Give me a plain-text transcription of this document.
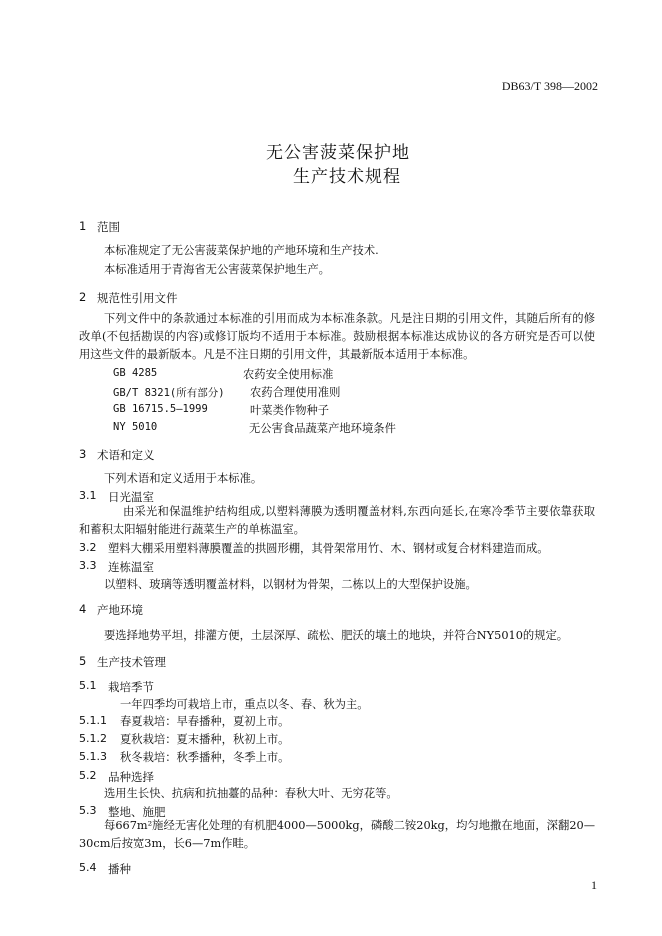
DB63/T 398—2002
无公害菠菜保护地
生产技术规程
1 范围
本标准规定了无公害菠菜保护地的产地环境和生产技术.
本标准适用于青海省无公害菠菜保护地生产。
2 规范性引用文件
下列文件中的条款通过本标准的引用而成为本标准条款。凡是注日期的引用文件，其随后所有的修改单(不包括勘误的内容)或修订版均不适用于本标准。鼓励根据本标准达成协议的各方研究是否可以使用这些文件的最新版本。凡是不注日期的引用文件，其最新版本适用于本标准。
GB 4285	农药安全使用标准
GB/T 8321(所有部分) 农药合理使用准则
GB 16715.5—1999	叶菜类作物种子
NY 5010	无公害食品蔬菜产地环境条件
3 术语和定义
下列术语和定义适用于本标准。
3.1 日光温室
由采光和保温维护结构组成,以塑料薄膜为透明覆盖材料,东西向延长,在寒冷季节主要依靠获取和蓄积太阳辐射能进行蔬菜生产的单栋温室。
3.2 塑料大棚采用塑料薄膜覆盖的拱圆形棚，其骨架常用竹、木、钢材或复合材料建造而成。
3.3 连栋温室
以塑料、玻璃等透明覆盖材料，以钢材为骨架，二栋以上的大型保护设施。
4 产地环境
要选择地势平坦，排灌方便，土层深厚、疏松、肥沃的壤土的地块，并符合NY5010的规定。
5 生产技术管理
5.1 栽培季节
一年四季均可栽培上市，重点以冬、春、秋为主。
5.1.1 春夏栽培：早春播种，夏初上市。
5.1.2 夏秋栽培：夏末播种，秋初上市。
5.1.3 秋冬栽培：秋季播种，冬季上市。
5.2 品种选择
选用生长快、抗病和抗抽薹的品种：春秋大叶、无穷花等。
5.3 整地、施肥
每667m²施经无害化处理的有机肥4000—5000kg，磷酸二铵20kg，均匀地撒在地面，深翻20—30cm后按宽3m，长6—7m作畦。
5.4 播种
1
